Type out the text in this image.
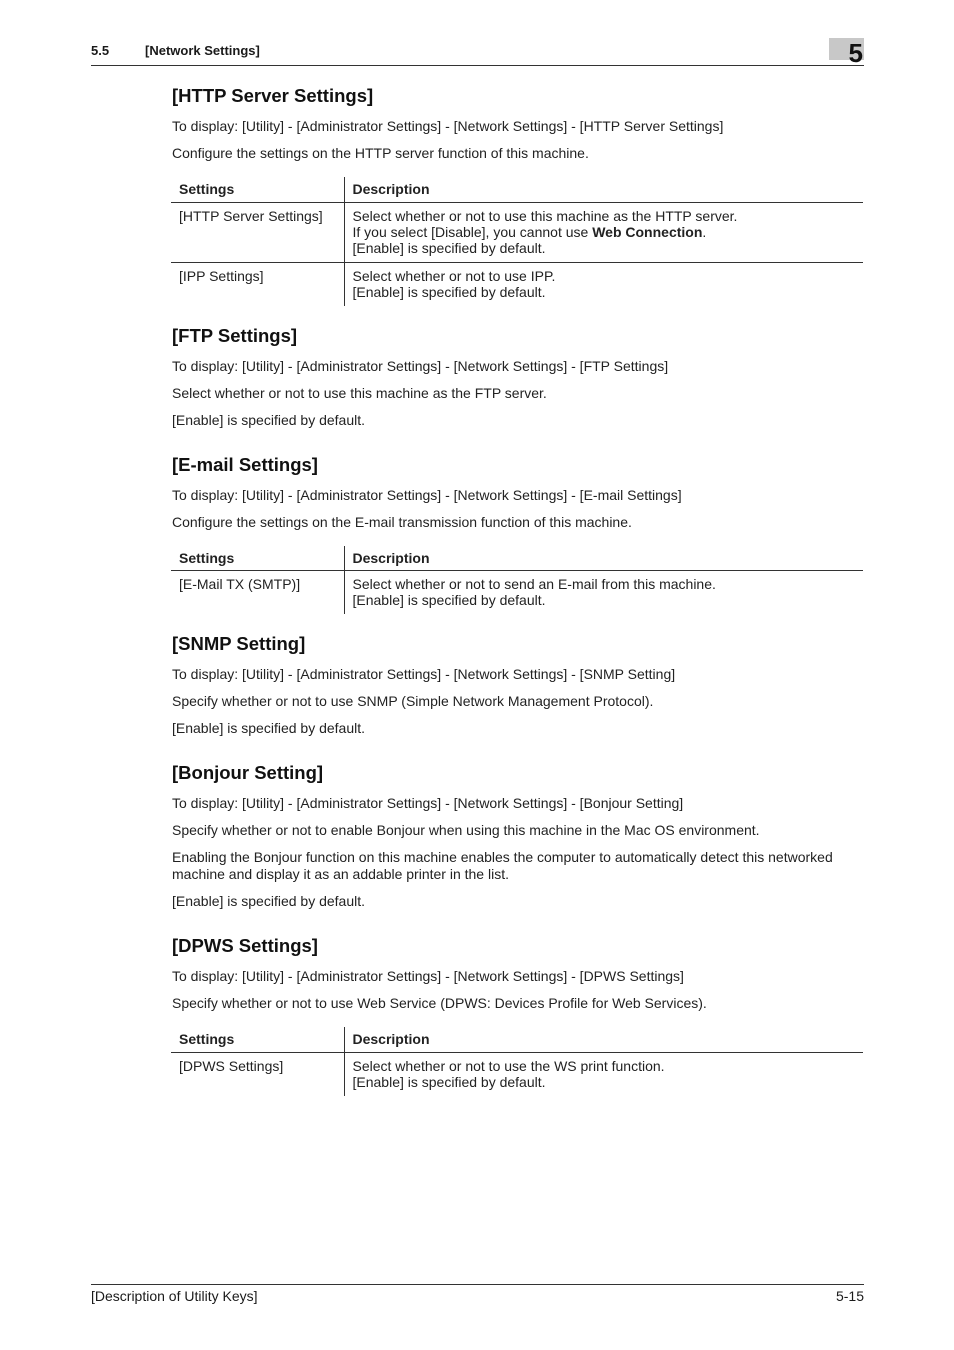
5.5	[Network Settings]	5
[HTTP Server Settings]

To display: [Utility] - [Administrator Settings] - [Network Settings] - [HTTP Server Settings]

Configure the settings on the HTTP server function of this machine.

Settings	Description
[HTTP Server Settings]	Select whether or not to use this machine as the HTTP server.
If you select [Disable], you cannot use Web Connection.
[Enable] is specified by default.

[IPP Settings]	Select whether or not to use IPP.
[Enable] is specified by default.
[FTP Settings]

To display: [Utility] - [Administrator Settings] - [Network Settings] - [FTP Settings]

Select whether or not to use this machine as the FTP server.

[Enable] is specified by default.

[E-mail Settings]

To display: [Utility] - [Administrator Settings] - [Network Settings] - [E-mail Settings]

Configure the settings on the E-mail transmission function of this machine.

Settings	Description
[E-Mail TX (SMTP)]	Select whether or not to send an E-mail from this machine.
[Enable] is specified by default.
[SNMP Setting]

To display: [Utility] - [Administrator Settings] - [Network Settings] - [SNMP Setting]

Specify whether or not to use SNMP (Simple Network Management Protocol).

[Enable] is specified by default.

[Bonjour Setting]

To display: [Utility] - [Administrator Settings] - [Network Settings] - [Bonjour Setting]

Specify whether or not to enable Bonjour when using this machine in the Mac OS environment.

Enabling the Bonjour function on this machine enables the computer to automatically detect this networked machine and display it as an addable printer in the list.

[Enable] is specified by default.

[DPWS Settings]

To display: [Utility] - [Administrator Settings] - [Network Settings] - [DPWS Settings]

Specify whether or not to use Web Service (DPWS: Devices Profile for Web Services).

Settings	Description
[DPWS Settings]	Select whether or not to use the WS print function.
[Enable] is specified by default.
[Description of Utility Keys]	5-15
